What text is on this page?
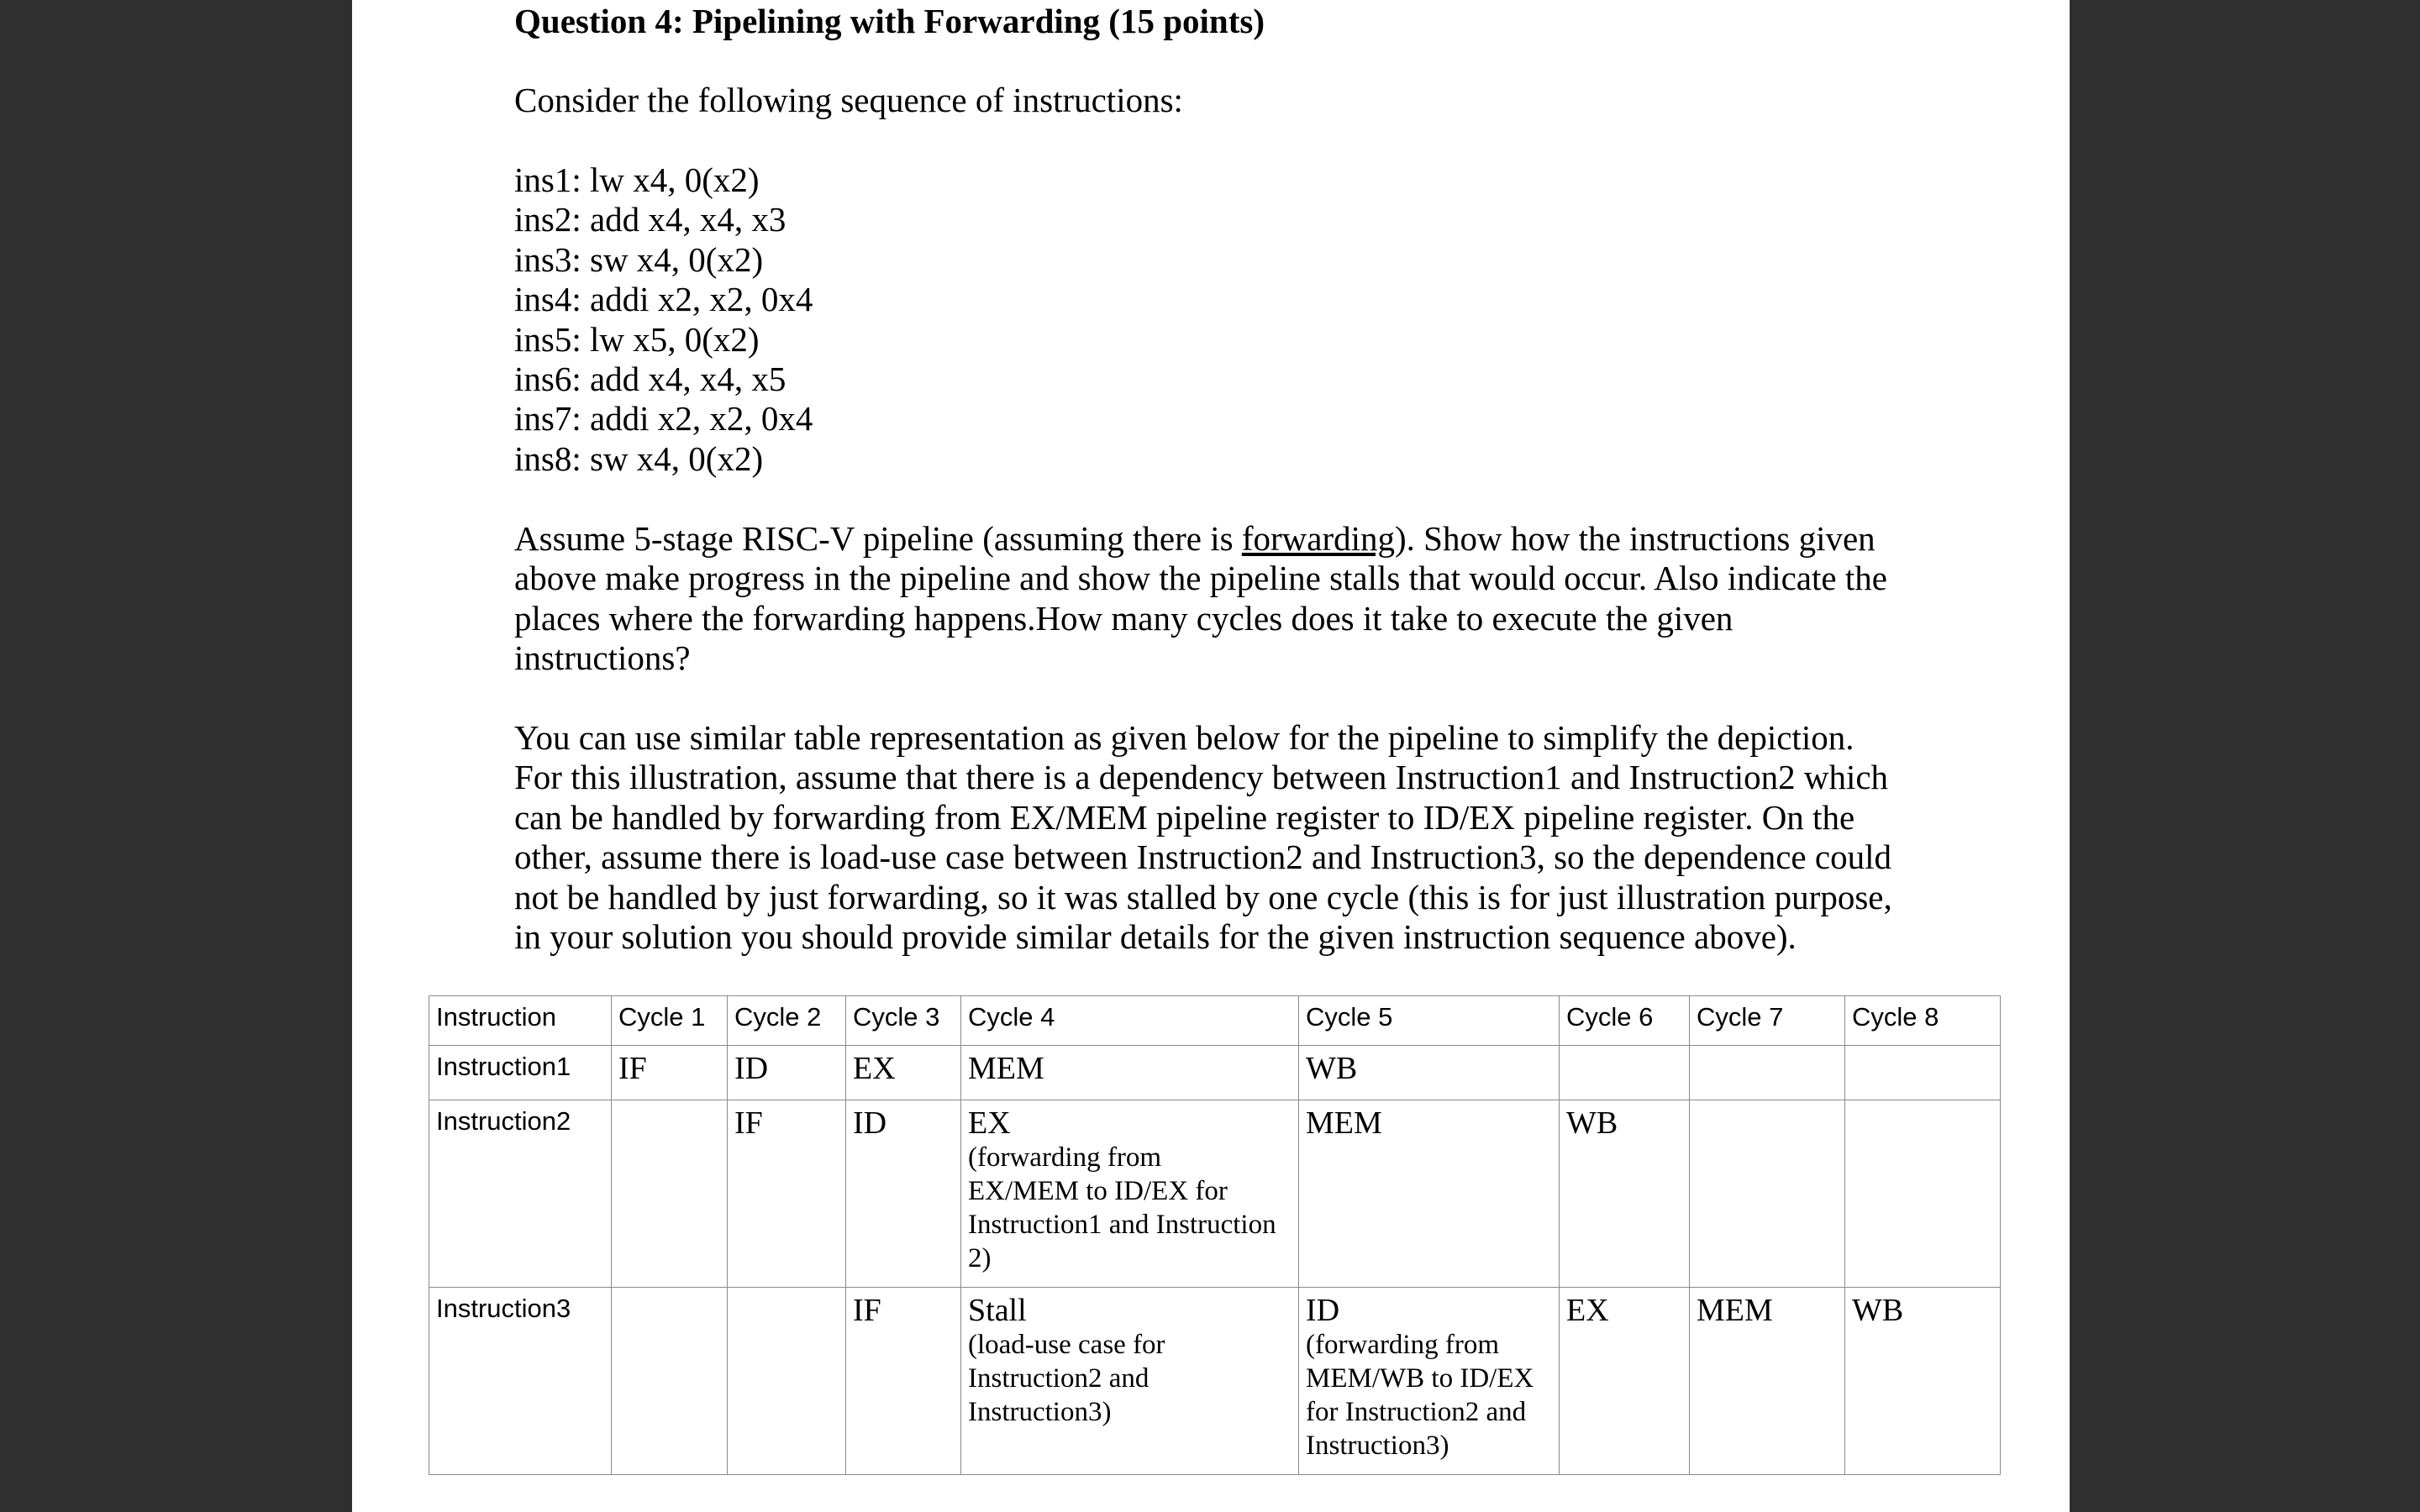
Question 4: Pipelining with Forwarding (15 points)
Consider the following sequence of instructions:
ins1: lw x4, 0(x2)
ins2: add x4, x4, x3
ins3: sw x4, 0(x2)
ins4: addi x2, x2, 0x4
ins5: lw x5, 0(x2)
ins6: add x4, x4, x5
ins7: addi x2, x2, 0x4
ins8: sw x4, 0(x2)
Assume 5-stage RISC-V pipeline (assuming there is forwarding). Show how the instructions given
above make progress in the pipeline and show the pipeline stalls that would occur. Also indicate the
places where the forwarding happens.How many cycles does it take to execute the given
instructions?
You can use similar table representation as given below for the pipeline to simplify the depiction.
For this illustration, assume that there is a dependency between Instruction1 and Instruction2 which
can be handled by forwarding from EX/MEM pipeline register to ID/EX pipeline register. On the
other, assume there is load-use case between Instruction2 and Instruction3, so the dependence could
not be handled by just forwarding, so it was stalled by one cycle (this is for just illustration purpose,
in your solution you should provide similar details for the given instruction sequence above).
Instruction	Cycle 1	Cycle 2	Cycle 3	Cycle 4	Cycle 5	Cycle 6	Cycle 7	Cycle 8
Instruction1	IF	ID	EX	MEM	WB			

Instruction2		IF	ID	EX
(forwarding from
EX/MEM to ID/EX for
Instruction1 and Instruction
2)	MEM	WB		

Instruction3			IF	Stall
(load-use case for
Instruction2 and
Instruction3)	ID
(forwarding from
MEM/WB to ID/EX
for Instruction2 and
Instruction3)	EX	MEM	WB
